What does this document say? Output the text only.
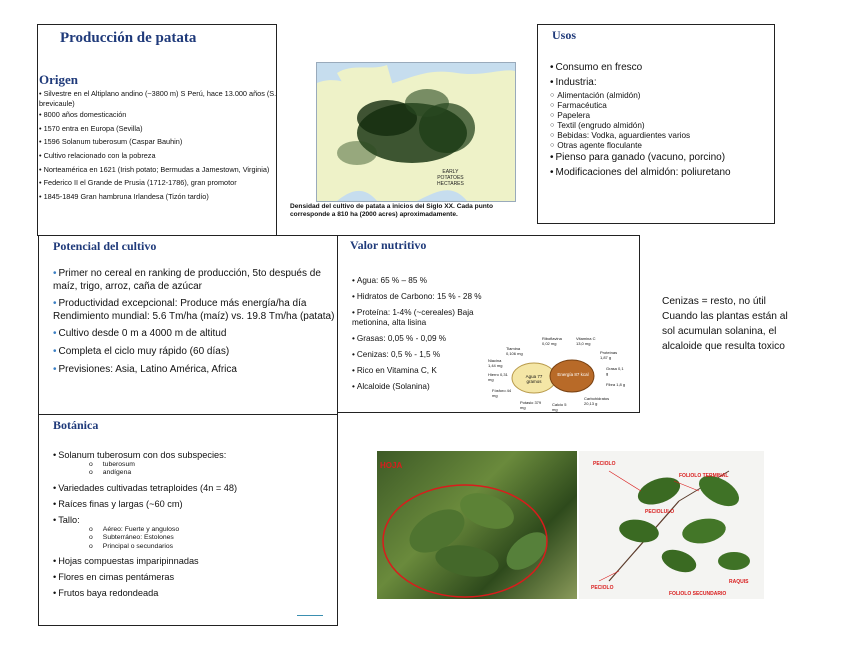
Producción de patata
Origen
• Silvestre en el Altiplano andino (~3800 m) S Perú, hace 13.000 años (S. brevicaule)
• 8000 años domesticación
• 1570 entra en Europa (Sevilla)
• 1596 Solanum tuberosum (Caspar Bauhin)
• Cultivo relacionado con la pobreza
• Norteamérica en 1621 (Irish potato; Bermudas a Jamestown, Virginia)
• Federico II el Grande de Prusia (1712-1786), gran promotor
• 1845-1849 Gran hambruna Irlandesa (Tizón tardío)
EARLY
POTATOES
HECTARES
Densidad del cultivo de patata a inicios del Siglo XX. Cada punto corresponde a 810 ha (2000 acres) aproximadamente.
Usos
• Consumo en fresco
• Industria:
○ Alimentación (almidón)
○ Farmacéutica
○ Papelera
○ Textil (engrudo almidón)
○ Bebidas: Vodka, aguardientes varios
○ Otras agente floculante
• Pienso para ganado (vacuno, porcino)
• Modificaciones del almidón: poliuretano
Potencial del cultivo
• Primer no cereal en ranking de producción, 5to después de maíz, trigo, arroz, caña de azúcar
• Productividad excepcional: Produce más energía/ha día Rendimiento mundial: 5.6 Tm/ha (maíz) vs. 19.8 Tm/ha (patata)
• Cultivo desde 0 m a 4000 m de altitud
• Completa el ciclo muy rápido (60 días)
• Previsiones: Asia, Latino América, Africa
Valor nutritivo
• Agua: 65 % – 85 %
• Hidratos de Carbono: 15 % - 28 %
• Proteína: 1-4% (~cereales) Baja metionina, alta lisina
• Grasas: 0,05 % - 0,09 %
• Cenizas: 0,5 % - 1,5 %
• Rico en Vitamina C, K
• Alcaloide (Solanina)
Agua 77 gramos
Energía 87 kcal
Tiamina 0,106 mg
Riboflavina 0,02 mg
Vitamina C 13,0 mg
Niacina 1,44 mg
Proteínas 1,87 g
Hierro 0,31 mg
Grasa 0,1 g
Fósforo 44 mg
Fibra 1,8 g
Potasio 379 mg
Calcio 5 mg
Carbohidratos 20,13 g
Cenizas = resto, no útil Cuando las plantas están al sol acumulan solanina, el alcaloide que resulta toxico
Botánica
• Solanum tuberosum con dos subspecies:
o tuberosum
o andígena
• Variedades cultivadas tetraploides (4n = 48)
• Raíces finas y largas (~60 cm)
• Tallo:
o Aéreo: Fuerte y anguloso
o Subterráneo: Estolones
o Principal o secundarios
• Hojas compuestas imparipinnadas
• Flores en cimas pentámeras
• Frutos baya redondeada
HOJA	PECIOLO
FOLIOLO TERMINAL
PECIOLULO
PECIOLO
RAQUIS
FOLIOLO SECUNDARIO
